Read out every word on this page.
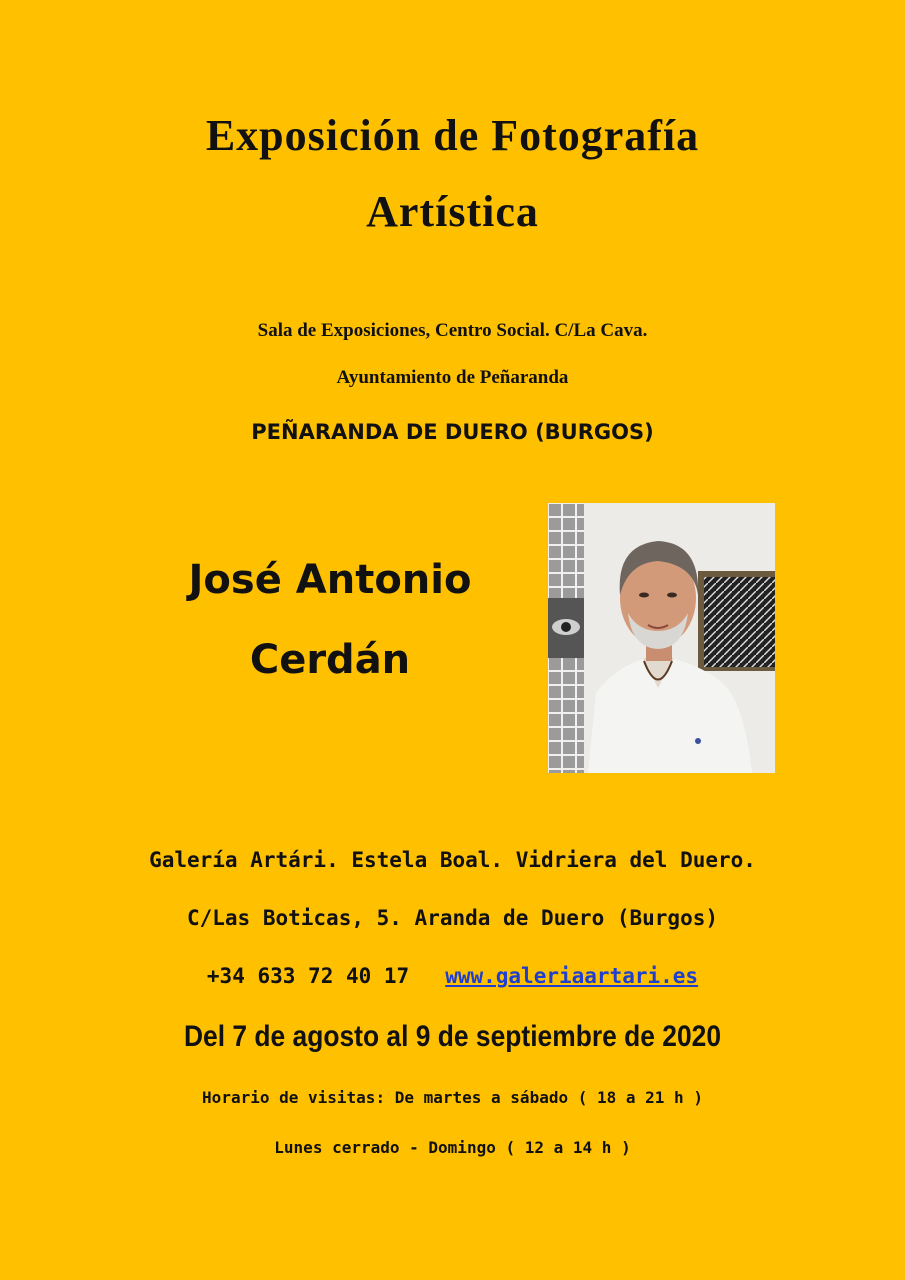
Exposición de Fotografía
Artística
Sala de Exposiciones, Centro Social. C/La Cava.
Ayuntamiento de Peñaranda
PEÑARANDA DE DUERO (BURGOS)
José Antonio
Cerdán
Galería Artári. Estela Boal. Vidriera del Duero.
C/Las Boticas, 5. Aranda de Duero (Burgos)
+34 633 72 40 17 www.galeriaartari.es
Del 7 de agosto al 9 de septiembre de 2020
Horario de visitas: De martes a sábado ( 18 a 21 h )
Lunes cerrado - Domingo ( 12 a 14 h )
